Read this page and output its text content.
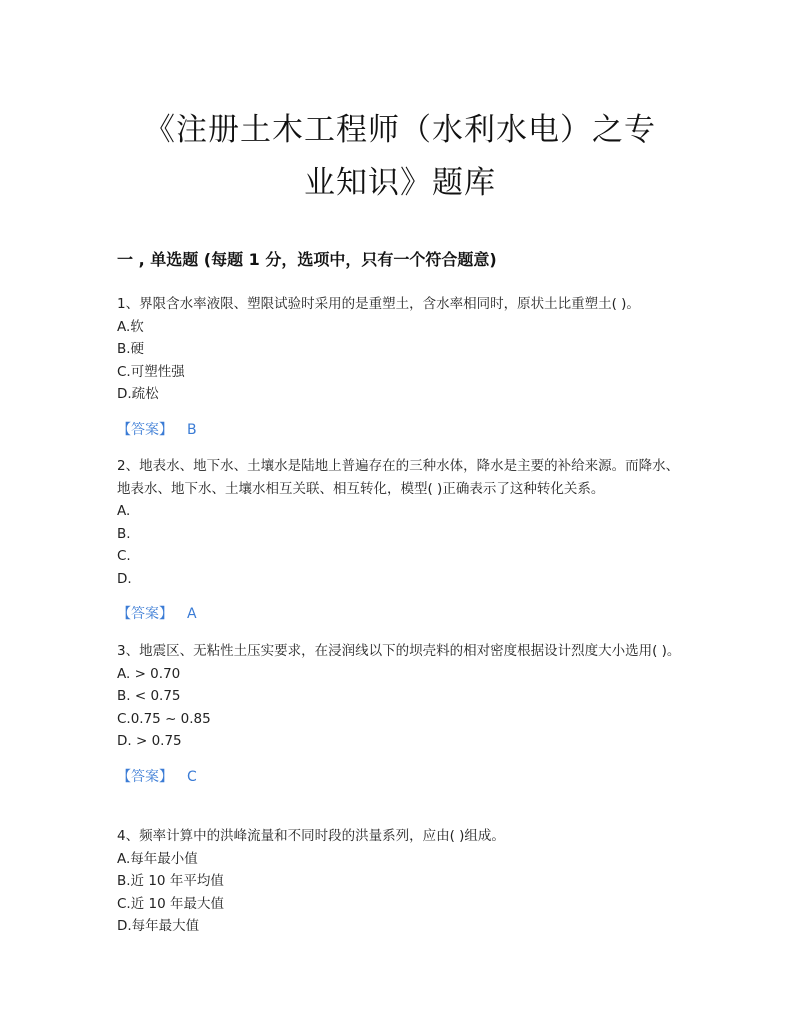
《注册土木工程师（水利水电）之专
业知识》题库
一 , 单选题 (每题 1 分，选项中，只有一个符合题意)

1、界限含水率液限、塑限试验时采用的是重塑土，含水率相同时，原状土比重塑土( )。

A.软

B.硬

C.可塑性强

D.疏松

【答案】 B

2、地表水、地下水、土壤水是陆地上普遍存在的三种水体，降水是主要的补给来源。而降水、地表水、地下水、土壤水相互关联、相互转化，模型( )正确表示了这种转化关系。

A.

B.

C.

D.

【答案】 A

3、地震区、无粘性土压实要求，在浸润线以下的坝壳料的相对密度根据设计烈度大小选用( )。

A. > 0.70

B. < 0.75

C.0.75 ~ 0.85

D. > 0.75

【答案】 C

4、频率计算中的洪峰流量和不同时段的洪量系列，应由( )组成。

A.每年最小值

B.近 10 年平均值

C.近 10 年最大值

D.每年最大值
